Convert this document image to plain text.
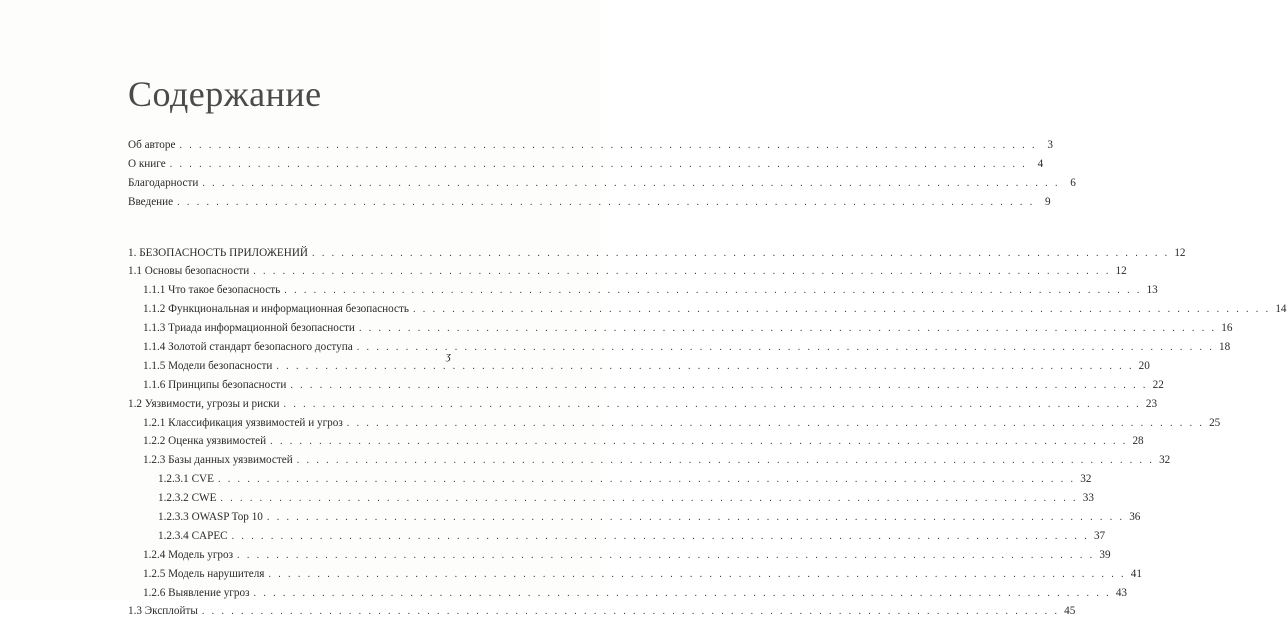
Содержание
Об авторе . . .	3
О книге . . .	4
Благодарности . . .	6
Введение . . .	9
1. БЕЗОПАСНОСТЬ ПРИЛОЖЕНИЙ . . .	12
1.1 Основы безопасности . . .	12
1.1.1 Что такое безопасность . . .	13
1.1.2 Функциональная и информационная безопасность . . .	14
1.1.3 Триада информационной безопасности . . .	16
1.1.4 Золотой стандарт безопасного доступа . . .	18
1.1.5 Модели безопасности . . .	20
1.1.6 Принципы безопасности . . .	22
1.2 Уязвимости, угрозы и риски . . .	23
1.2.1 Классификация уязвимостей и угроз . . .	25
1.2.2 Оценка уязвимостей . . .	28
1.2.3 Базы данных уязвимостей . . .	32
1.2.3.1 CVE . . .	32
1.2.3.2 CWE . . .	33
1.2.3.3 OWASP Top 10 . . .	36
1.2.3.4 CAPEC . . .	37
1.2.4 Модель угроз . . .	39
1.2.5 Модель нарушителя . . .	41
1.2.6 Выявление угроз . . .	43
1.3 Эксплойты . . .	45
ʒ
